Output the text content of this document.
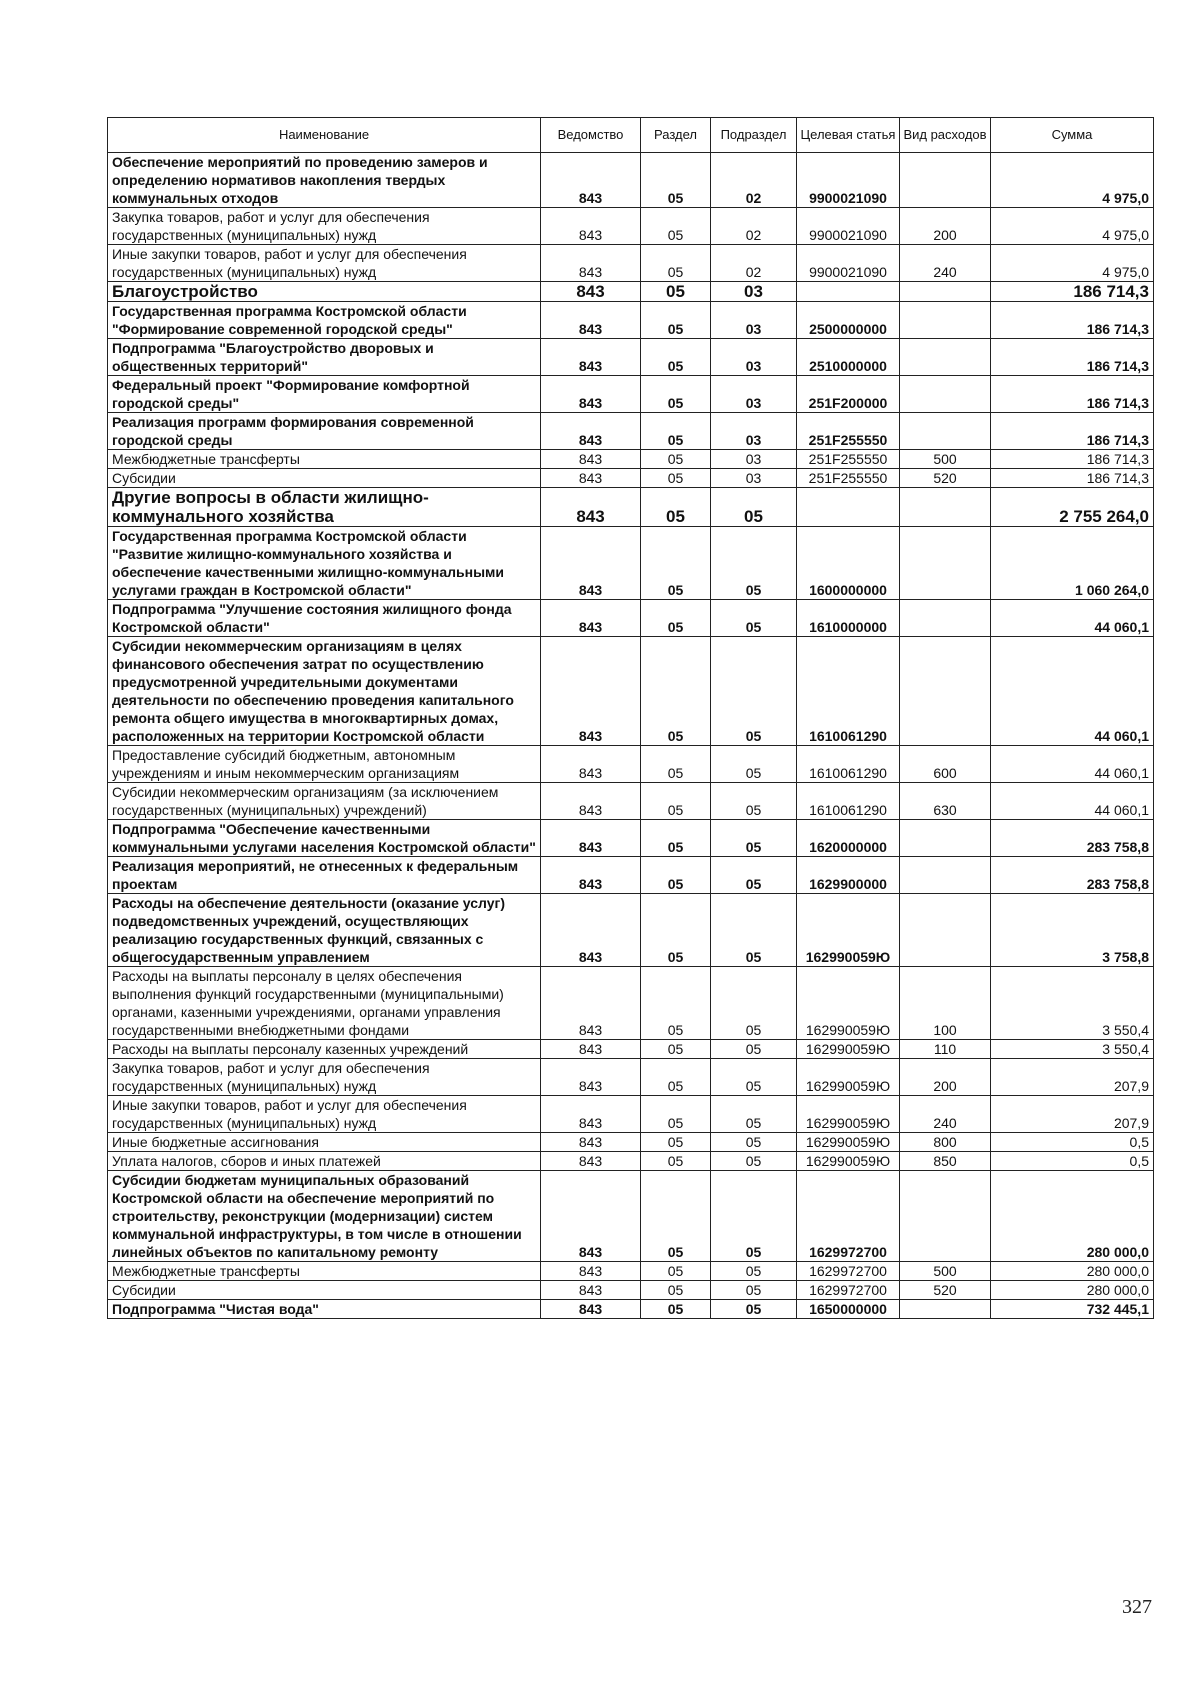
Наименование	Ведомство	Раздел	Подраздел	Целевая статья	Вид расходов	Сумма
Обеспечение мероприятий по проведению замеров и определению нормативов накопления твердых коммунальных отходов	843	05	02	9900021090		4 975,0
Закупка товаров, работ и услуг для обеспечения государственных (муниципальных) нужд	843	05	02	9900021090	200	4 975,0
Иные закупки товаров, работ и услуг для обеспечения государственных (муниципальных) нужд	843	05	02	9900021090	240	4 975,0
Благоустройство	843	05	03			186 714,3
Государственная программа Костромской области "Формирование современной городской среды"	843	05	03	2500000000		186 714,3
Подпрограмма "Благоустройство дворовых и общественных территорий"	843	05	03	2510000000		186 714,3
Федеральный проект "Формирование комфортной городской среды"	843	05	03	251F200000		186 714,3
Реализация программ формирования современной городской среды	843	05	03	251F255550		186 714,3
Межбюджетные трансферты	843	05	03	251F255550	500	186 714,3
Субсидии	843	05	03	251F255550	520	186 714,3
Другие вопросы в области жилищно-коммунального хозяйства	843	05	05			2 755 264,0
Государственная программа Костромской области "Развитие жилищно-коммунального хозяйства и обеспечение качественными жилищно-коммунальными услугами граждан в Костромской области"	843	05	05	1600000000		1 060 264,0
Подпрограмма "Улучшение состояния жилищного фонда Костромской области"	843	05	05	1610000000		44 060,1
Субсидии некоммерческим организациям в целях финансового обеспечения затрат по осуществлению предусмотренной учредительными документами деятельности по обеспечению проведения капитального ремонта общего имущества в многоквартирных домах, расположенных на территории Костромской области	843	05	05	1610061290		44 060,1
Предоставление субсидий бюджетным, автономным учреждениям и иным некоммерческим организациям	843	05	05	1610061290	600	44 060,1
Субсидии некоммерческим организациям (за исключением государственных (муниципальных) учреждений)	843	05	05	1610061290	630	44 060,1
Подпрограмма "Обеспечение качественными коммунальными услугами населения Костромской области"	843	05	05	1620000000		283 758,8
Реализация мероприятий, не отнесенных к федеральным проектам	843	05	05	1629900000		283 758,8
Расходы на обеспечение деятельности (оказание услуг) подведомственных учреждений, осуществляющих реализацию государственных функций, связанных с общегосударственным управлением	843	05	05	162990059Ю		3 758,8
Расходы на выплаты персоналу в целях обеспечения выполнения функций государственными (муниципальными) органами, казенными учреждениями, органами управления государственными внебюджетными фондами	843	05	05	162990059Ю	100	3 550,4
Расходы на выплаты персоналу казенных учреждений	843	05	05	162990059Ю	110	3 550,4
Закупка товаров, работ и услуг для обеспечения государственных (муниципальных) нужд	843	05	05	162990059Ю	200	207,9
Иные закупки товаров, работ и услуг для обеспечения государственных (муниципальных) нужд	843	05	05	162990059Ю	240	207,9
Иные бюджетные ассигнования	843	05	05	162990059Ю	800	0,5
Уплата налогов, сборов и иных платежей	843	05	05	162990059Ю	850	0,5
Субсидии бюджетам муниципальных образований Костромской области на обеспечение мероприятий по строительству, реконструкции (модернизации) систем коммунальной инфраструктуры, в том числе в отношении линейных объектов по капитальному ремонту	843	05	05	1629972700		280 000,0
Межбюджетные трансферты	843	05	05	1629972700	500	280 000,0
Субсидии	843	05	05	1629972700	520	280 000,0
Подпрограмма "Чистая вода"	843	05	05	1650000000		732 445,1
327
